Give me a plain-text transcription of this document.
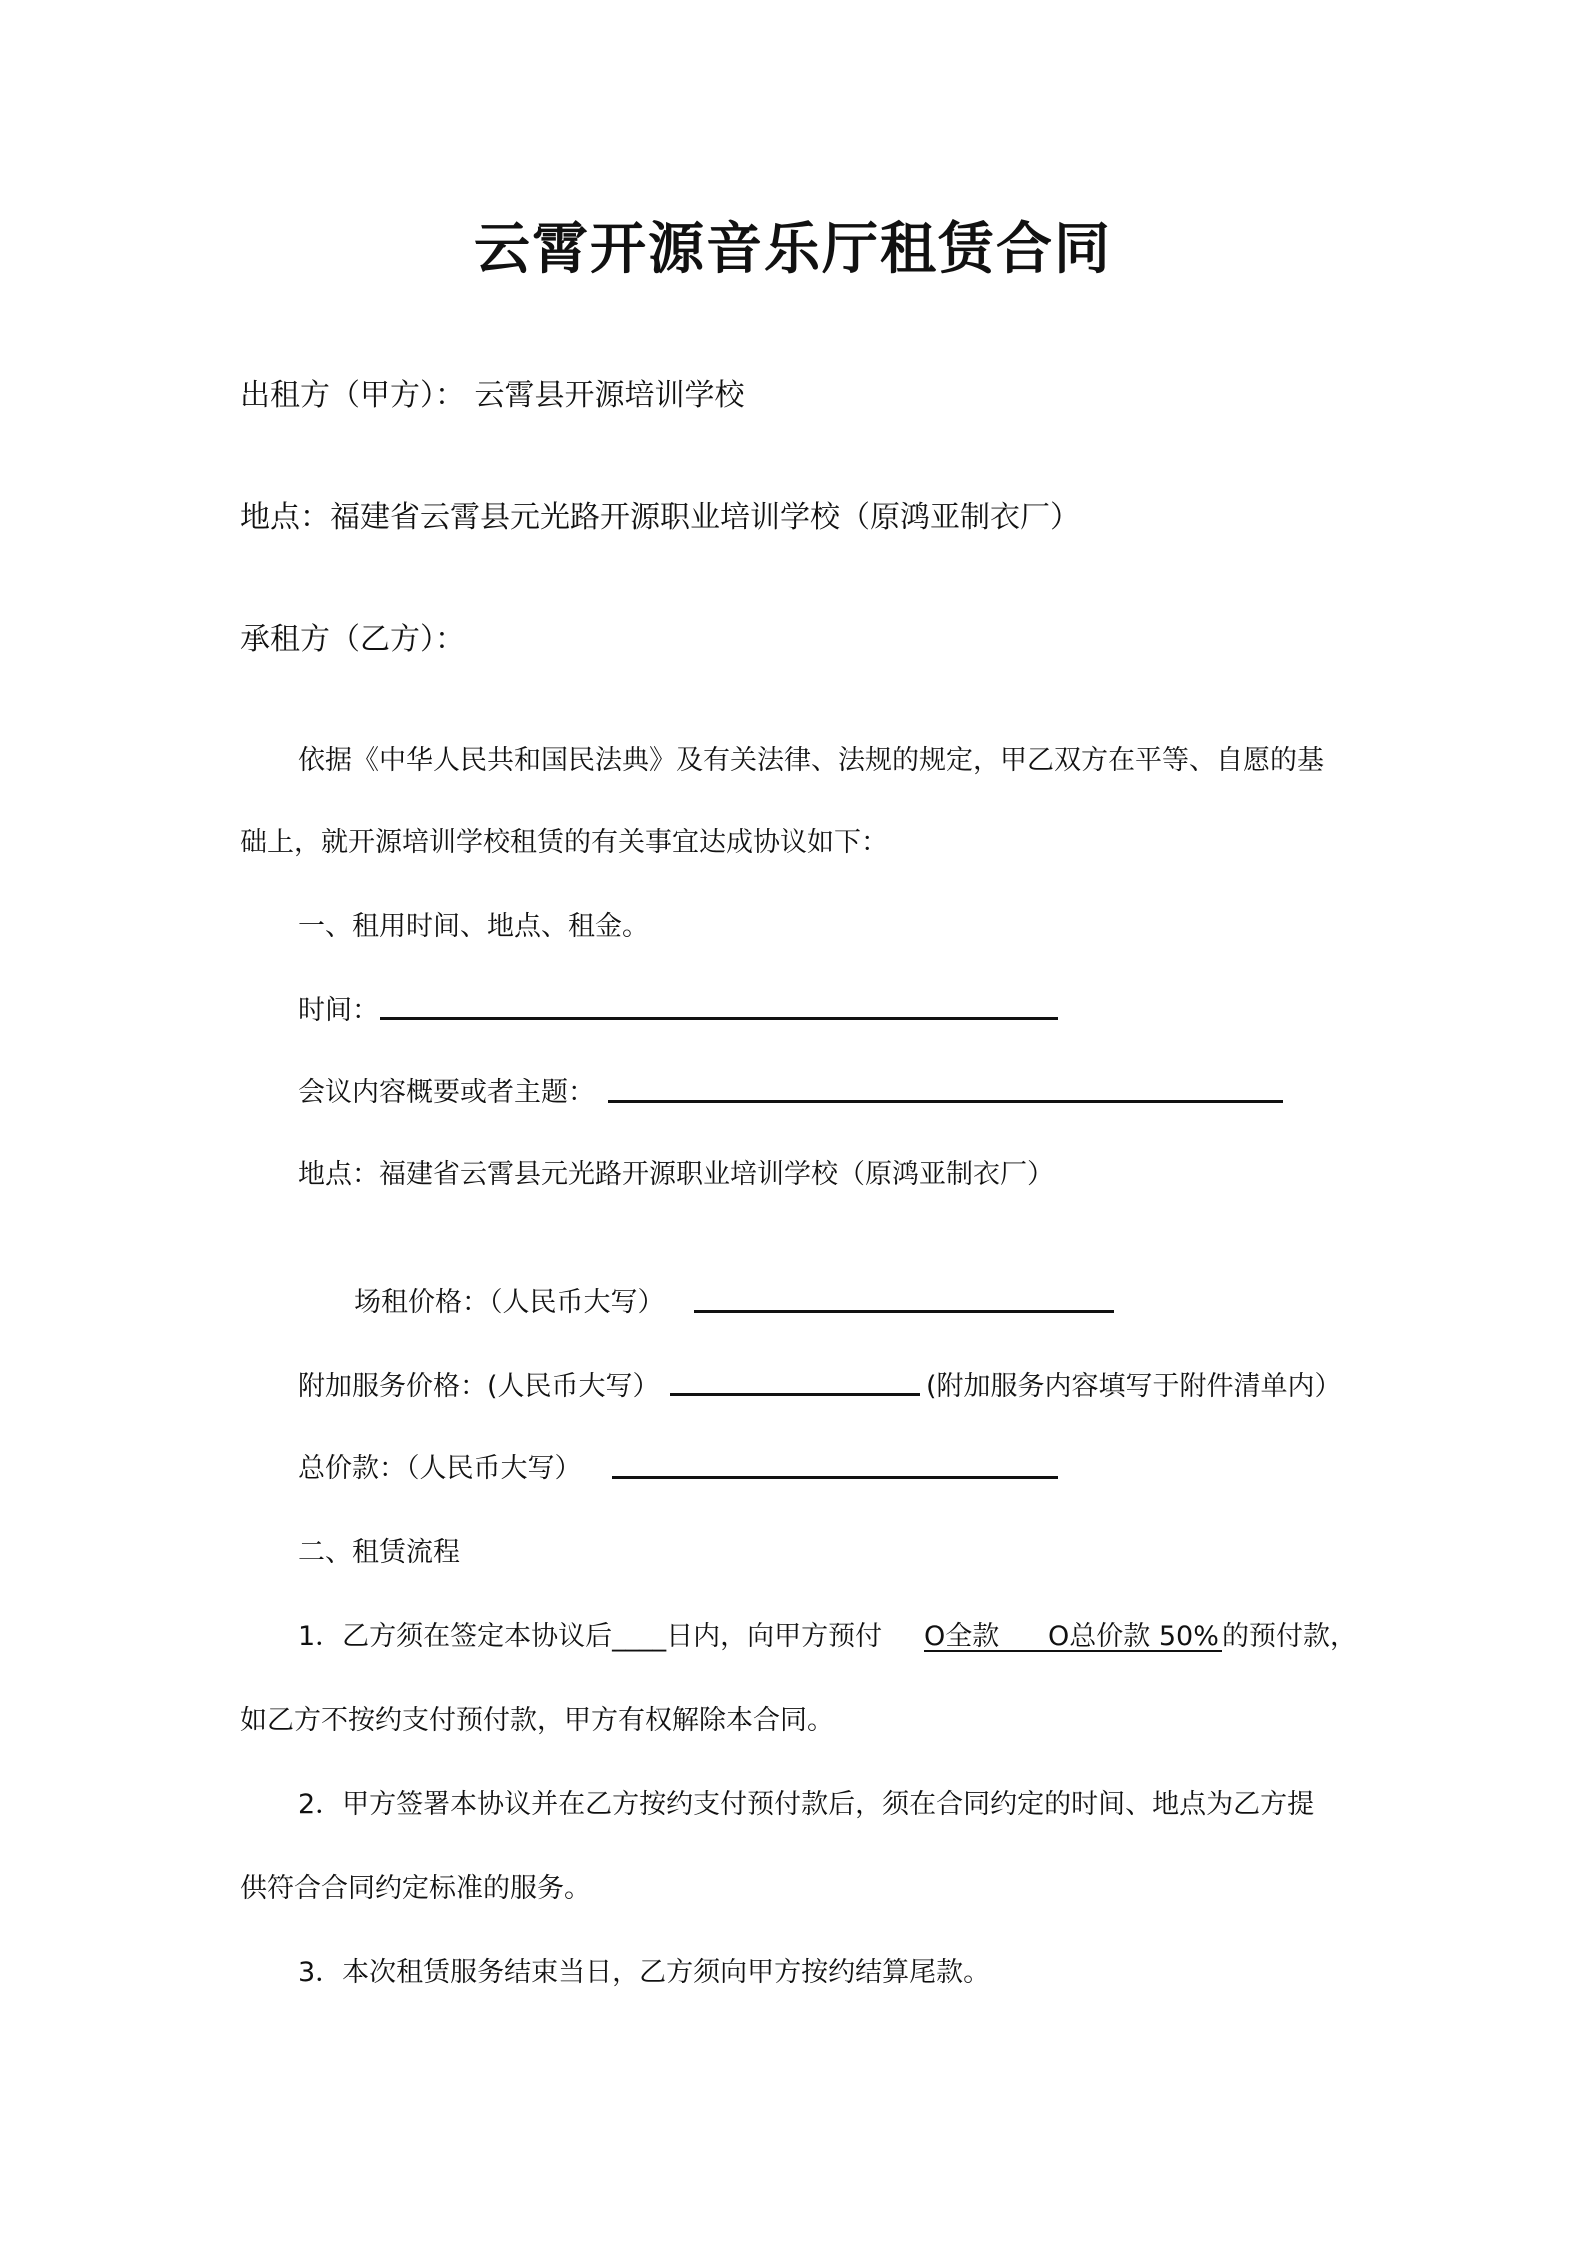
云霄开源音乐厅租赁合同
出租方（甲方）： 云霄县开源培训学校
地点：福建省云霄县元光路开源职业培训学校（原鸿亚制衣厂）
承租方（乙方）：
依据《中华人民共和国民法典》及有关法律、法规的规定，甲乙双方在平等、自愿的基
础上，就开源培训学校租赁的有关事宜达成协议如下：
一、租用时间、地点、租金。
时间：
会议内容概要或者主题：
地点：福建省云霄县元光路开源职业培训学校（原鸿亚制衣厂）
场租价格：（人民币大写）
附加服务价格：(人民币大写）	(附加服务内容填写于附件清单内）
总价款：（人民币大写）
二、租赁流程
1．乙方须在签定本协议后____日内，向甲方预付 O全款 O总价款 50% 的预付款，
如乙方不按约支付预付款，甲方有权解除本合同。
2．甲方签署本协议并在乙方按约支付预付款后，须在合同约定的时间、地点为乙方提
供符合合同约定标准的服务。
3．本次租赁服务结束当日，乙方须向甲方按约结算尾款。
